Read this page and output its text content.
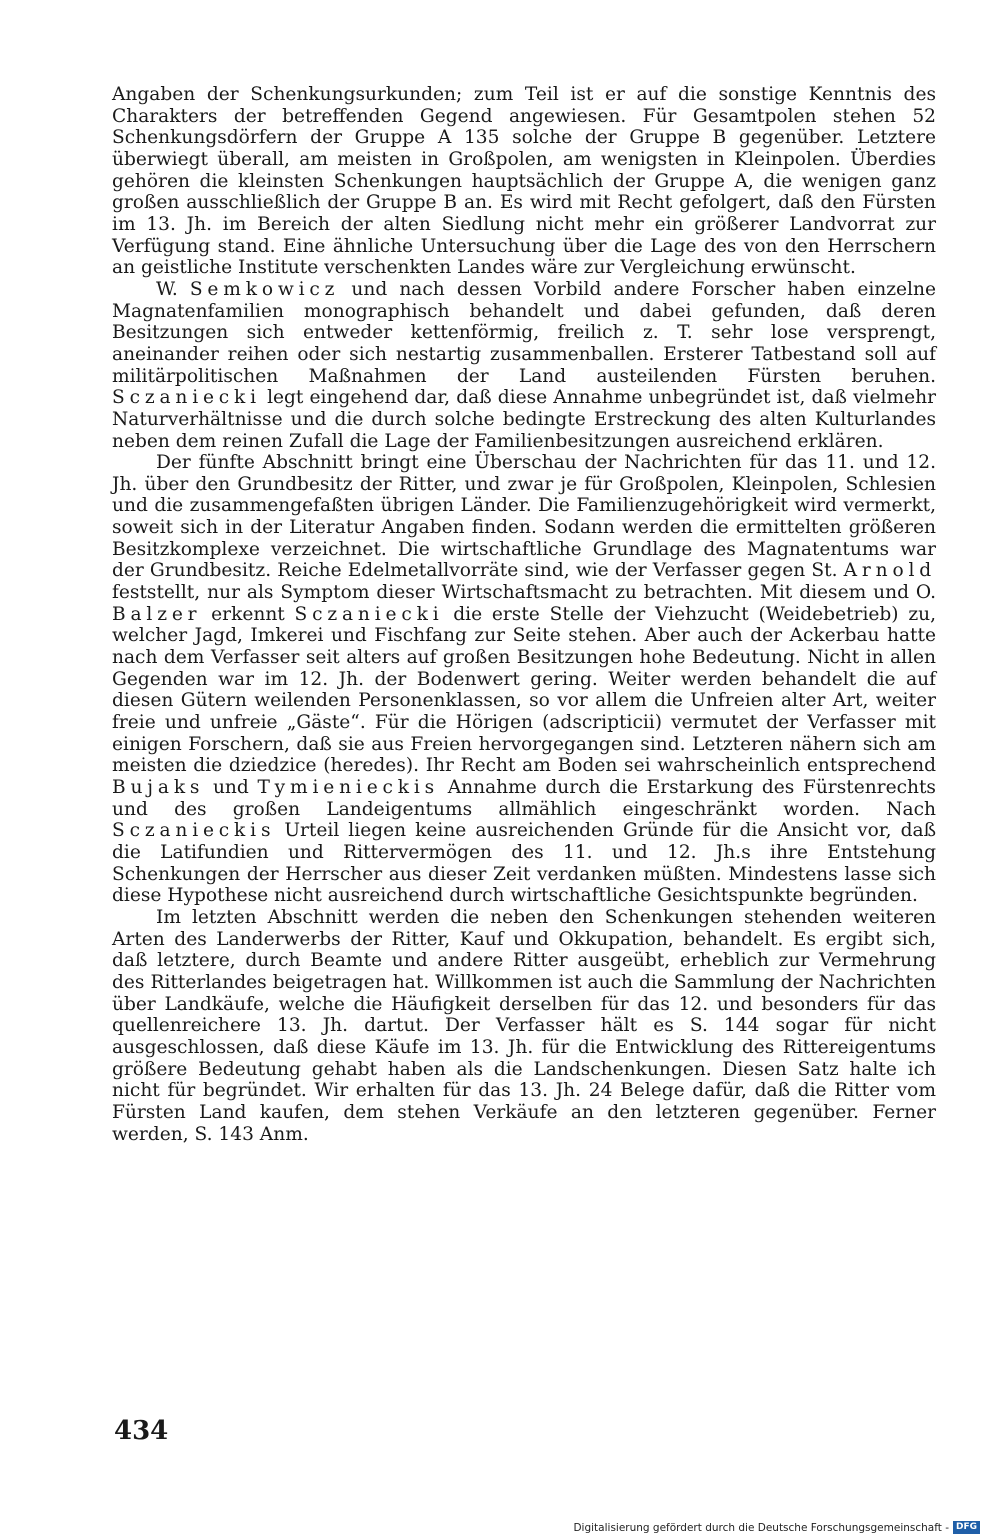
Angaben der Schenkungsurkunden; zum Teil ist er auf die sonstige Kenntnis des Charakters der betreffenden Gegend angewiesen. Für Gesamtpolen stehen 52 Schenkungsdörfern der Gruppe A 135 solche der Gruppe B gegenüber. Letztere überwiegt überall, am meisten in Großpolen, am wenigsten in Kleinpolen. Überdies gehören die kleinsten Schenkungen hauptsächlich der Gruppe A, die wenigen ganz großen ausschließlich der Gruppe B an. Es wird mit Recht gefolgert, daß den Fürsten im 13. Jh. im Bereich der alten Siedlung nicht mehr ein größerer Landvorrat zur Verfügung stand. Eine ähnliche Untersuchung über die Lage des von den Herrschern an geistliche Institute verschenkten Landes wäre zur Vergleichung erwünscht.

W. Semkowicz und nach dessen Vorbild andere Forscher haben einzelne Magnatenfamilien monographisch behandelt und dabei gefunden, daß deren Besitzungen sich entweder kettenförmig, freilich z. T. sehr lose versprengt, aneinander reihen oder sich nestartig zusammenballen. Ersterer Tatbestand soll auf militärpolitischen Maßnahmen der Land austeilenden Fürsten beruhen. Sczaniecki legt eingehend dar, daß diese Annahme unbegründet ist, daß vielmehr Naturverhältnisse und die durch solche bedingte Erstreckung des alten Kulturlandes neben dem reinen Zufall die Lage der Familienbesitzungen ausreichend erklären.

Der fünfte Abschnitt bringt eine Überschau der Nachrichten für das 11. und 12. Jh. über den Grundbesitz der Ritter, und zwar je für Großpolen, Kleinpolen, Schlesien und die zusammengefaßten übrigen Länder. Die Familienzugehörigkeit wird vermerkt, soweit sich in der Literatur Angaben finden. Sodann werden die ermittelten größeren Besitzkomplexe verzeichnet. Die wirtschaftliche Grundlage des Magnatentums war der Grundbesitz. Reiche Edelmetallvorräte sind, wie der Verfasser gegen St. Arnold feststellt, nur als Symptom dieser Wirtschaftsmacht zu betrachten. Mit diesem und O. Balzer erkennt Sczaniecki die erste Stelle der Viehzucht (Weidebetrieb) zu, welcher Jagd, Imkerei und Fischfang zur Seite stehen. Aber auch der Ackerbau hatte nach dem Verfasser seit alters auf großen Besitzungen hohe Bedeutung. Nicht in allen Gegenden war im 12. Jh. der Bodenwert gering. Weiter werden behandelt die auf diesen Gütern weilenden Personenklassen, so vor allem die Unfreien alter Art, weiter freie und unfreie „Gäste“. Für die Hörigen (adscripticii) vermutet der Verfasser mit einigen Forschern, daß sie aus Freien hervorgegangen sind. Letzteren nähern sich am meisten die dziedzice (heredes). Ihr Recht am Boden sei wahrscheinlich entsprechend Bujaks und Tymienieckis Annahme durch die Erstarkung des Fürstenrechts und des großen Landeigentums allmählich eingeschränkt worden. Nach Sczanieckis Urteil liegen keine ausreichenden Gründe für die Ansicht vor, daß die Latifundien und Rittervermögen des 11. und 12. Jh.s ihre Entstehung Schenkungen der Herrscher aus dieser Zeit verdanken müßten. Mindestens lasse sich diese Hypothese nicht ausreichend durch wirtschaftliche Gesichtspunkte begründen.

Im letzten Abschnitt werden die neben den Schenkungen stehenden weiteren Arten des Landerwerbs der Ritter, Kauf und Okkupation, behandelt. Es ergibt sich, daß letztere, durch Beamte und andere Ritter ausgeübt, erheblich zur Vermehrung des Ritterlandes beigetragen hat. Willkommen ist auch die Sammlung der Nachrichten über Landkäufe, welche die Häufigkeit derselben für das 12. und besonders für das quellenreichere 13. Jh. dartut. Der Verfasser hält es S. 144 sogar für nicht ausgeschlossen, daß diese Käufe im 13. Jh. für die Entwicklung des Rittereigentums größere Bedeutung gehabt haben als die Landschenkungen. Diesen Satz halte ich nicht für begründet. Wir erhalten für das 13. Jh. 24 Belege dafür, daß die Ritter vom Fürsten Land kaufen, dem stehen Verkäufe an den letzteren gegenüber. Ferner werden, S. 143 Anm.

434
Digitalisierung gefördert durch die Deutsche Forschungsgemeinschaft - DFG
